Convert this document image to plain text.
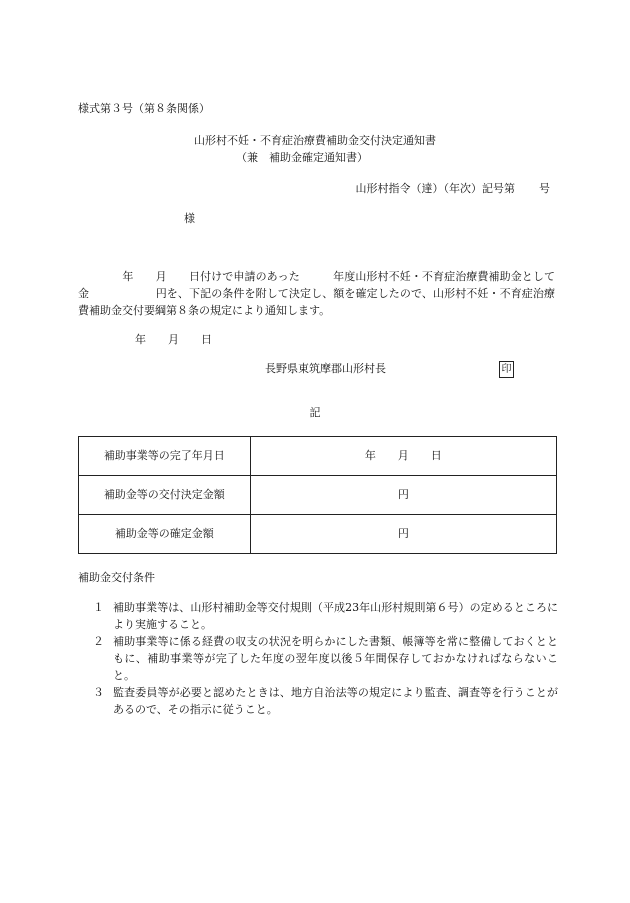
様式第３号（第８条関係）
山形村不妊・不育症治療費補助金交付決定通知書
（兼　補助金確定通知書）
山形村指令（達）（年次）記号第 号
様
　　　　年　　月　　日付けで申請のあった　　　年度山形村不妊・不育症治療費補助金として金　　　　　　円を、下記の条件を附して決定し、額を確定したので、山形村不妊・不育症治療費補助金交付要綱第８条の規定により通知します。
年 月 日
長野県東筑摩郡山形村長	印
記
補助事業等の完了年月日	年　　月　　日
補助金等の交付決定金額	円
補助金等の確定金額	円
補助金交付条件
１ 補助事業等は、山形村補助金等交付規則（平成23年山形村規則第６号）の定めるところにより実施すること。
２ 補助事業等に係る経費の収支の状況を明らかにした書類、帳簿等を常に整備しておくとともに、補助事業等が完了した年度の翌年度以後５年間保存しておかなければならないこと。
３ 監査委員等が必要と認めたときは、地方自治法等の規定により監査、調査等を行うことがあるので、その指示に従うこと。
